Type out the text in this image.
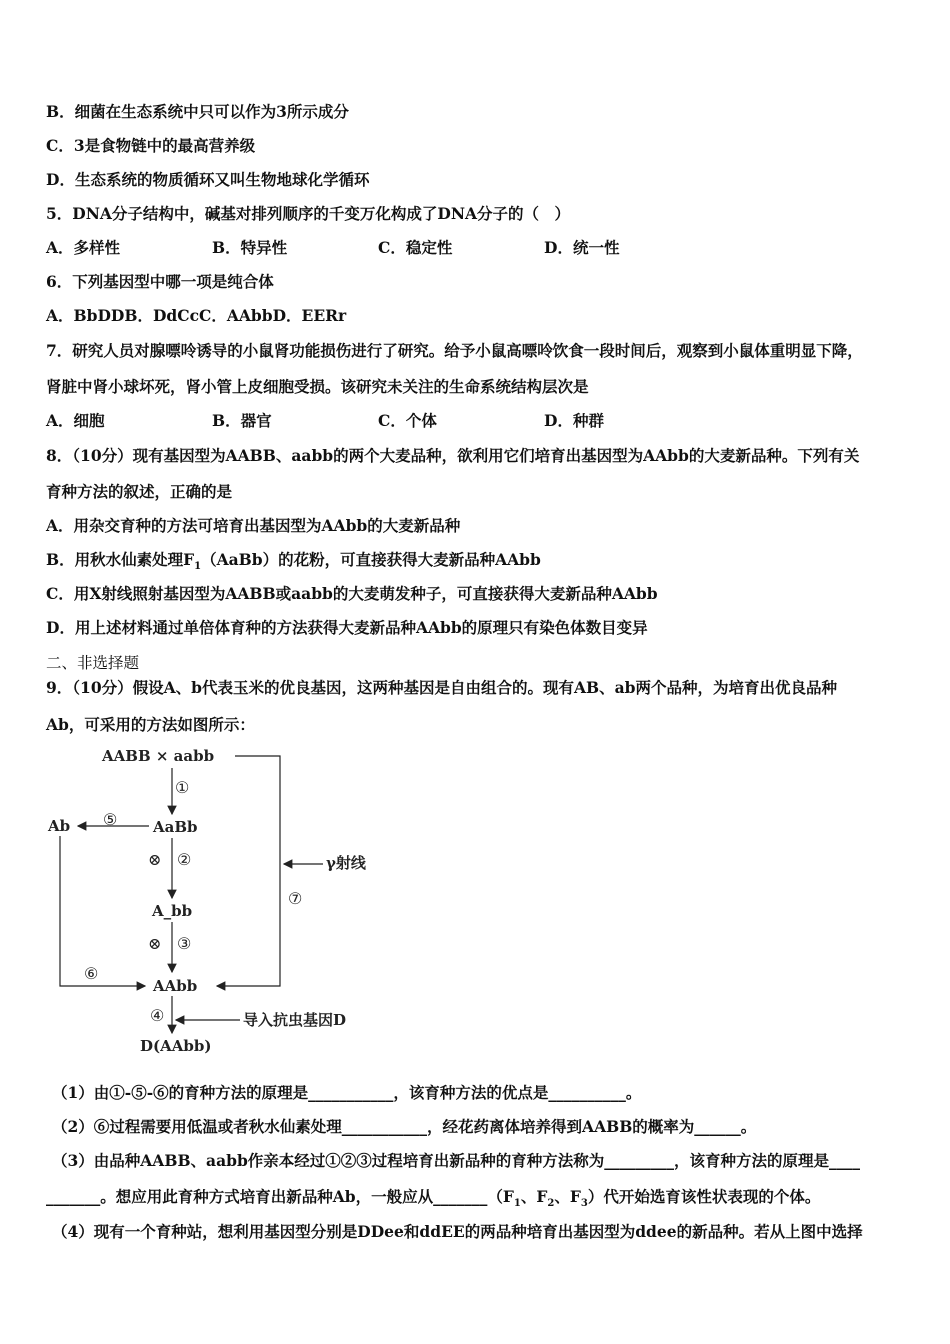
B．细菌在生态系统中只可以作为3所示成分
C．3是食物链中的最高营养级
D．生态系统的物质循环又叫生物地球化学循环
5．DNA分子结构中，碱基对排列顺序的千变万化构成了DNA分子的（　）
A．多样性	B．特异性	C．稳定性	D．统一性
6．下列基因型中哪一项是纯合体
A．BbDDB．DdCcC．AAbbD．EERr
7．研究人员对腺嘌呤诱导的小鼠肾功能损伤进行了研究。给予小鼠高嘌呤饮食一段时间后，观察到小鼠体重明显下降，
肾脏中肾小球坏死，肾小管上皮细胞受损。该研究未关注的生命系统结构层次是
A．细胞	B．器官	C．个体	D．种群
8．（10分）现有基因型为AABB、aabb的两个大麦品种，欲利用它们培育出基因型为AAbb的大麦新品种。下列有关
育种方法的叙述，正确的是
A．用杂交育种的方法可培育出基因型为AAbb的大麦新品种
B．用秋水仙素处理$F_1(AaBb)$的花粉，可直接获得大麦新品种AAbb
C．用X射线照射基因型为AABB或aabb的大麦萌发种子，可直接获得大麦新品种AAbb
D．用上述材料通过单倍体育种的方法获得大麦新品种AAbb的原理只有染色体数目变异
二、非选择题
9．（10分）假设A、b代表玉米的优良基因，这两种基因是自由组合的。现有AB、ab两个品种，为培育出优良品种
Ab，可采用的方法如图所示：
AABB × aabb
AaBb
Ab
A_bb
AAbb
D(AAbb)
γ射线
导入抗虫基因D
①
⑤
⊗ ②
⑦
⊗ ③
⑥
④
（1）由①-⑤-⑥的育种方法的原理是___________，该育种方法的优点是__________。
（2）⑥过程需要用低温或者秋水仙素处理___________，经花药离体培养得到AABB的概率为______。
（3）由品种AABB、aabb作亲本经过①②③过程培育出新品种的育种方法称为_________，该育种方法的原理是____
_______。想应用此育种方式培育出新品种Ab，一般应从$\_\_\_\_\_\_\_(F_1$、$F_2$、$F_3$）代开始选育该性状表现的个体。
（4）现有一个育种站，想利用基因型分别是DDee和ddEE的两品种培育出基因型为ddee的新品种。若从上图中选择
